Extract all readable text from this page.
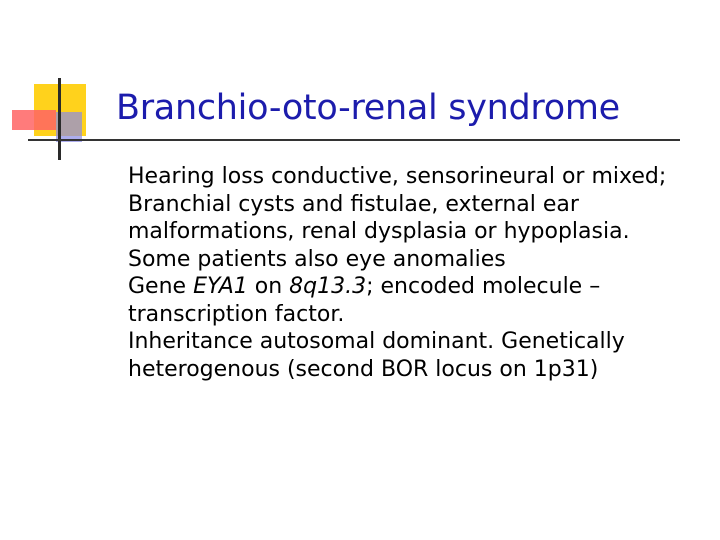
Branchio-oto-renal syndrome

Hearing loss conductive, sensorineural or mixed;

Branchial cysts and fistulae, external ear malformations, renal dysplasia or hypoplasia. Some patients also eye anomalies

Gene EYA1 on 8q13.3; encoded molecule – transcription factor.

Inheritance autosomal dominant. Genetically heterogenous (second BOR locus on 1p31)
